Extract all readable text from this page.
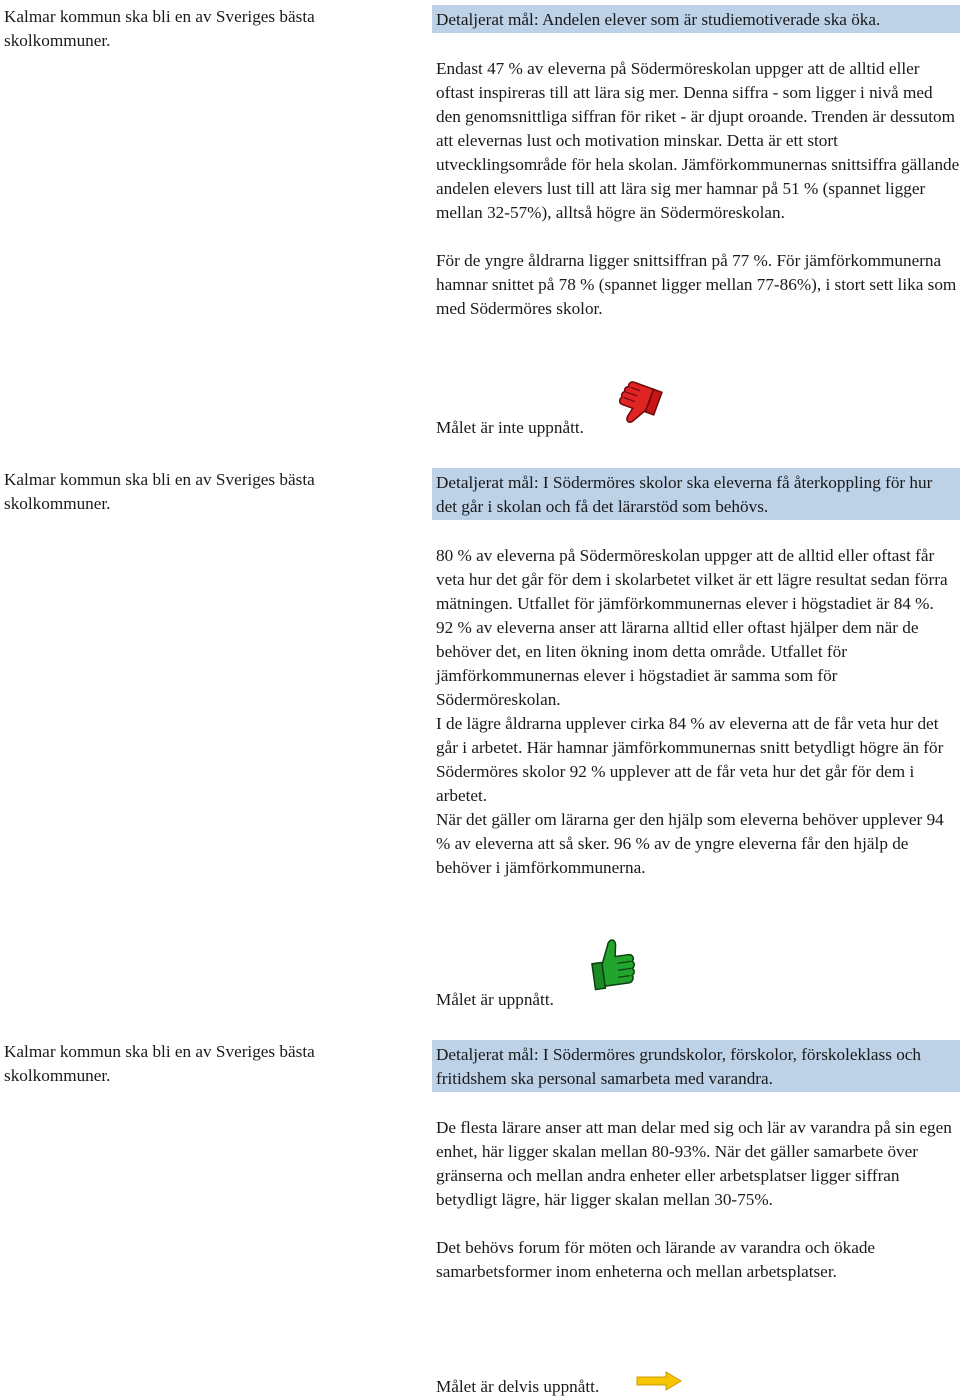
Kalmar kommun ska bli en av Sveriges bästa skolkommuner.

Detaljerat mål: Andelen elever som är studiemotiverade ska öka.

Endast 47 % av eleverna på Södermöreskolan uppger att de alltid eller oftast inspireras till att lära sig mer. Denna siffra - som ligger i nivå med den genomsnittliga siffran för riket - är djupt oroande. Trenden är dessutom att elevernas lust och motivation minskar. Detta är ett stort utvecklingsområde för hela skolan. Jämförkommunernas snittsiffra gällande andelen elevers lust till att lära sig mer hamnar på 51 % (spannet ligger mellan 32-57%), alltså högre än Södermöreskolan.

För de yngre åldrarna ligger snittsiffran på 77 %. För jämförkommunerna hamnar snittet på 78 % (spannet ligger mellan 77-86%), i stort sett lika som med Södermöres skolor.

Målet är inte uppnått.
Kalmar kommun ska bli en av Sveriges bästa skolkommuner.

Detaljerat mål: I Södermöres skolor ska eleverna få återkoppling för hur det går i skolan och få det lärarstöd som behövs.

80 % av eleverna på Södermöreskolan uppger att de alltid eller oftast får veta hur det går för dem i skolarbetet vilket är ett lägre resultat sedan förra mätningen. Utfallet för jämförkommunernas elever i högstadiet är 84 %.

92 % av eleverna anser att lärarna alltid eller oftast hjälper dem när de behöver det, en liten ökning inom detta område. Utfallet för jämförkommunernas elever i högstadiet är samma som för Södermöreskolan.

I de lägre åldrarna upplever cirka 84 % av eleverna att de får veta hur det går i arbetet. Här hamnar jämförkommunernas snitt betydligt högre än för Södermöres skolor 92 % upplever att de får veta hur det går för dem i arbetet.

När det gäller om lärarna ger den hjälp som eleverna behöver upplever 94 % av eleverna att så sker. 96 % av de yngre eleverna får den hjälp de behöver i jämförkommunerna.

Målet är uppnått.
Kalmar kommun ska bli en av Sveriges bästa skolkommuner.

Detaljerat mål: I Södermöres grundskolor, förskolor, förskoleklass och fritidshem ska personal samarbeta med varandra.

De flesta lärare anser att man delar med sig och lär av varandra på sin egen enhet, här ligger skalan mellan 80-93%. När det gäller samarbete över gränserna och mellan andra enheter eller arbetsplatser ligger siffran betydligt lägre, här ligger skalan mellan 30-75%.

Det behövs forum för möten och lärande av varandra och ökade samarbetsformer inom enheterna och mellan arbetsplatser.

Målet är delvis uppnått.
